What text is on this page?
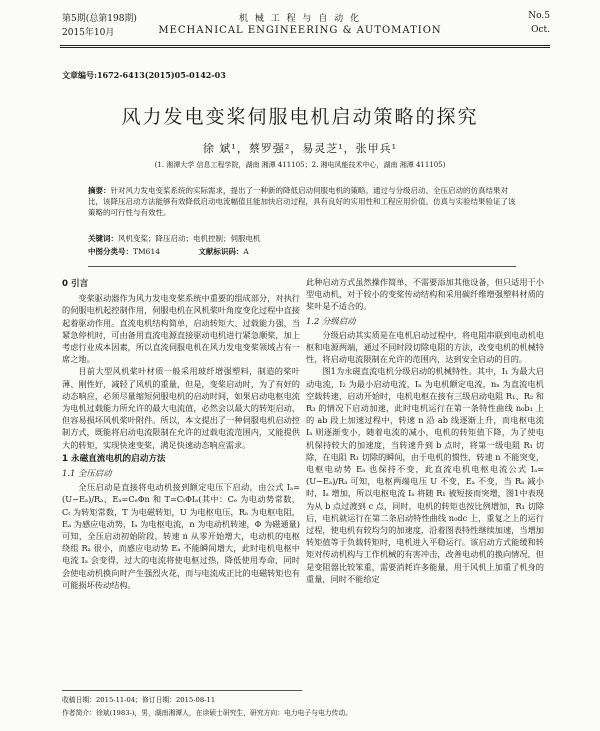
第5期(总第198期)
2015年10月
机 械 工 程 与 自 动 化
MECHANICAL ENGINEERING & AUTOMATION
No.5
Oct.
文章编号:1672-6413(2015)05-0142-03
风力发电变桨伺服电机启动策略的探究
徐 斌¹，蔡罗强²，易灵芝¹，张甲兵¹
(1. 湘潭大学 信息工程学院，湖南 湘潭 411105；2. 湘电风能技术中心，湖南 湘潭 411105)
摘要：针对风力发电变桨系统的实际需求，提出了一种新的降低启动伺服电机的策略。通过与分级启动、全压启动的仿真结果对比，该降压启动方法能够有效降低启动电流幅值且能加快启动过程，具有良好的实用性和工程应用价值。仿真与实验结果验证了该策略的可行性与有效性。
关键词：风机变桨；降压启动；电机控制；伺服电机
中图分类号：TM614	文献标识码：A
0 引言

变桨驱动器作为风力发电变桨系统中重要的组成部分，对执行的伺服电机起控制作用，伺服电机在风机桨叶角度变化过程中直接起着驱动作用。直流电机结构简单，启动转矩大、过载能力强，当紧急停机时，可由备用直流电源直接驱动电机进行紧急顺桨，加上考虑行业成本因素，所以直流伺服电机在风力发电变桨领域占有一席之地。

目前大型风机桨叶材质一般采用玻纤增强塑料，制造的桨叶薄、刚性好，减轻了风机的重量，但是，变桨启动时，为了有好的动态响应，必须尽量缩短伺服电机的启动时间，如果启动电枢电流为电机过载能力所允许的最大电流值，必然会以最大的转矩启动，但容易损坏风机桨叶附件。所以，本文提出了一种伺服电机启动控制方式，既能将启动电流限制在允许的过载电流范围内，又能提供大的转矩，实现快速变桨，满足快速动态响应需求。

1 永磁直流电机的启动方法
1.1 全压启动

全压启动是直接将电动机接到额定电压下启动，由公式 Iₐ=(U−Eₐ)/Rₐ、Eₐ=CₑΦn 和 T=CₜΦIₐ(其中：Cₑ 为电动势常数，Cₜ 为转矩常数，T 为电磁转矩，U 为电枢电压，Rₐ 为电枢电阻，Eₐ 为感应电动势，Iₐ 为电枢电流，n 为电动机转速，Φ 为磁通量)可知，全压启动初始阶段，转速 n 从零开始增大，电动机的电枢绕组 Rₐ 很小，而感应电动势 Eₐ 不能瞬间增大，此时电机电枢中电流 Iₐ 会变得，过大的电流将使电枢过热，降低使用寿命，同时会使电动机换向时产生强烈火花，而与电流成正比的电磁转矩也有可能损坏传动结构。

此种启动方式虽然操作简单，不需要添加其他设备，但只适用于小型电动机，对于较小的变桨传动结构和采用碳纤维增强塑料材质的桨叶是不适合的。

1.2 分级启动

分级启动其实质是在电机启动过程中，将电阻串联到电动机电枢和电源两端，通过不同时段切除电阻的方法，改变电机的机械特性，将启动电流限制在允许的范围内，达到安全启动的目的。

图1为永磁直流电机分级启动的机械特性。其中，I₁ 为最大启动电流，I₂ 为最小启动电流，Iₙ 为电机额定电流，nₙ 为直流电机空载转速，启动开始时，电机电枢在接有三级启动电阻 R₁、R₂ 和 R₃ 的情况下启动加速，此时电机运行在第一条特性曲线 n₀b₁ 上的 ab 段上加速过程中，转速 n 沿 ab 线逐渐上升，而电枢电流 Iₐ 则逐渐变小，随着电流的减小，电机的转矩值下降，为了使电机保持较大的加速度，当转速升到 b 点时，将第一级电阻 R₁ 切除，在电阻 R₁ 切除的瞬间，由于电机的惯性，转速 n 不能突变，电枢电动势 Eₐ 也保持不变，此直流电机电枢电流公式 Iₐ=(U−Eₐ)/Rₐ 可知，电枢两端电压 U 不变，Eₐ 不变，当 Rₐ 减小时，Iₐ 增加，所以电枢电流 Iₐ 将随 R₁ 被短接而突增，图1中表现为从 b 点过渡到 c 点，同时，电机的转矩也按比例增加，R₁ 切除后，电机就运行在第二条启动特性曲线 n₀dc 上，重复之上的运行过程，使电机有较均匀的加速度，沿着图表特性继续加速，当增加转矩值等于负载转矩时，电机进入平稳运行。该启动方式能缓和转矩对传动机构与工作机械的有害冲击，改善电动机的换向情况，但是变阻器比较笨重，需要消耗许多能量，用于风机上加重了机身的重量，同时不能给定

收稿日期：2015-11-04；修订日期：2015-08-11
作者简介：徐斌(1983-)，男，湖南湘潭人，在读硕士研究生，研究方向：电力电子与电力传动。
